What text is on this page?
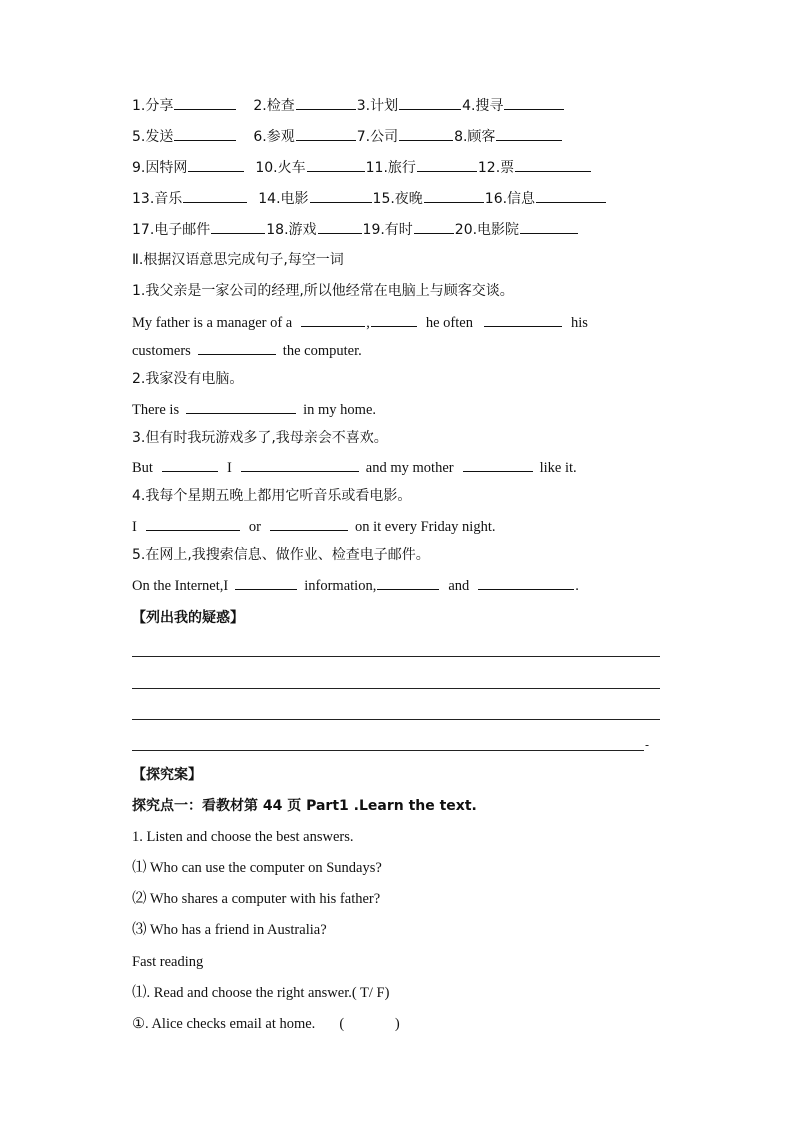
1.分享	2.检查	3.计划	4.搜寻
5.发送	6.参观	7.公司	8.顾客
9.因特网	10.火车	11.旅行	12.票
13.音乐	14.电影	15.夜晚	16.信息
17.电子邮件	18.游戏	19.有时	20.电影院
Ⅱ.根据汉语意思完成句子,每空一词
1.我父亲是一家公司的经理,所以他经常在电脑上与顾客交谈。
My father is a manager of a	,	he often	his
customers	the computer.
2.我家没有电脑。
There is	in my home.
3.但有时我玩游戏多了,我母亲会不喜欢。
But	I	and my mother	like it.
4.我每个星期五晚上都用它听音乐或看电影。
I	or	on it every Friday night.
5.在网上,我搜索信息、做作业、检查电子邮件。
On the Internet,I	information,	and	.
【列出我的疑惑】
-
【探究案】
探究点一：看教材第 44 页 Part1 .Learn the text.
1. Listen and choose the best answers.
⑴ Who can use the computer on Sundays?
⑵ Who shares a computer with his father?
⑶ Who has a friend in Australia?
Fast reading
⑴. Read and choose the right answer.( T/ F)
①. Alice checks email at home. (              )
